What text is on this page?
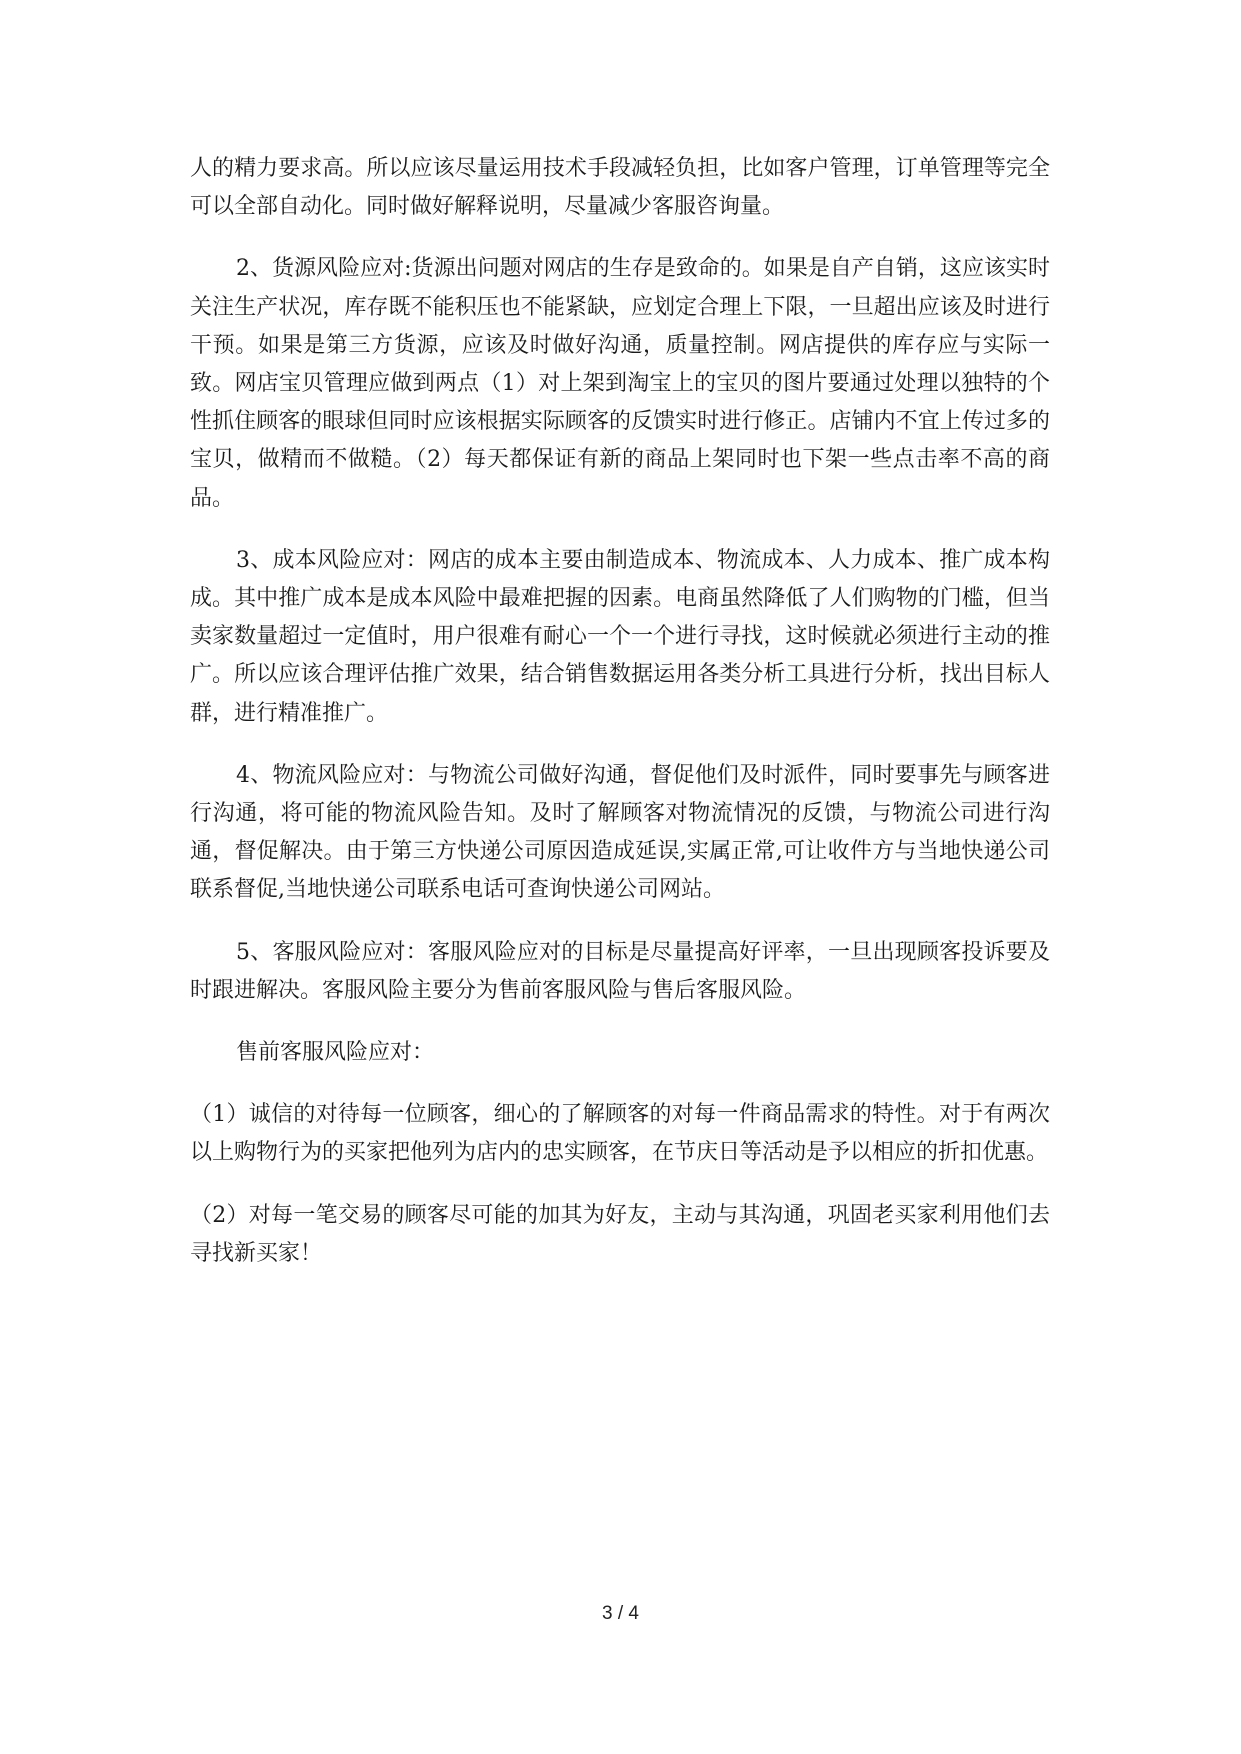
人的精力要求高。所以应该尽量运用技术手段减轻负担，比如客户管理，订单管理等完全可以全部自动化。同时做好解释说明，尽量减少客服咨询量。

2、货源风险应对:货源出问题对网店的生存是致命的。如果是自产自销，这应该实时关注生产状况，库存既不能积压也不能紧缺，应划定合理上下限，一旦超出应该及时进行干预。如果是第三方货源，应该及时做好沟通，质量控制。网店提供的库存应与实际一致。网店宝贝管理应做到两点（1）对上架到淘宝上的宝贝的图片要通过处理以独特的个性抓住顾客的眼球但同时应该根据实际顾客的反馈实时进行修正。店铺内不宜上传过多的宝贝，做精而不做糙。（2）每天都保证有新的商品上架同时也下架一些点击率不高的商品。

3、成本风险应对：网店的成本主要由制造成本、物流成本、人力成本、推广成本构成。其中推广成本是成本风险中最难把握的因素。电商虽然降低了人们购物的门槛，但当卖家数量超过一定值时，用户很难有耐心一个一个进行寻找，这时候就必须进行主动的推广。所以应该合理评估推广效果，结合销售数据运用各类分析工具进行分析，找出目标人群，进行精准推广。

4、物流风险应对：与物流公司做好沟通，督促他们及时派件，同时要事先与顾客进行沟通，将可能的物流风险告知。及时了解顾客对物流情况的反馈，与物流公司进行沟通，督促解决。由于第三方快递公司原因造成延误,实属正常,可让收件方与当地快递公司联系督促,当地快递公司联系电话可查询快递公司网站。

5、客服风险应对：客服风险应对的目标是尽量提高好评率，一旦出现顾客投诉要及时跟进解决。客服风险主要分为售前客服风险与售后客服风险。

售前客服风险应对：

（1）诚信的对待每一位顾客，细心的了解顾客的对每一件商品需求的特性。对于有两次以上购物行为的买家把他列为店内的忠实顾客，在节庆日等活动是予以相应的折扣优惠。

（2）对每一笔交易的顾客尽可能的加其为好友，主动与其沟通，巩固老买家利用他们去寻找新买家！

3 / 4
